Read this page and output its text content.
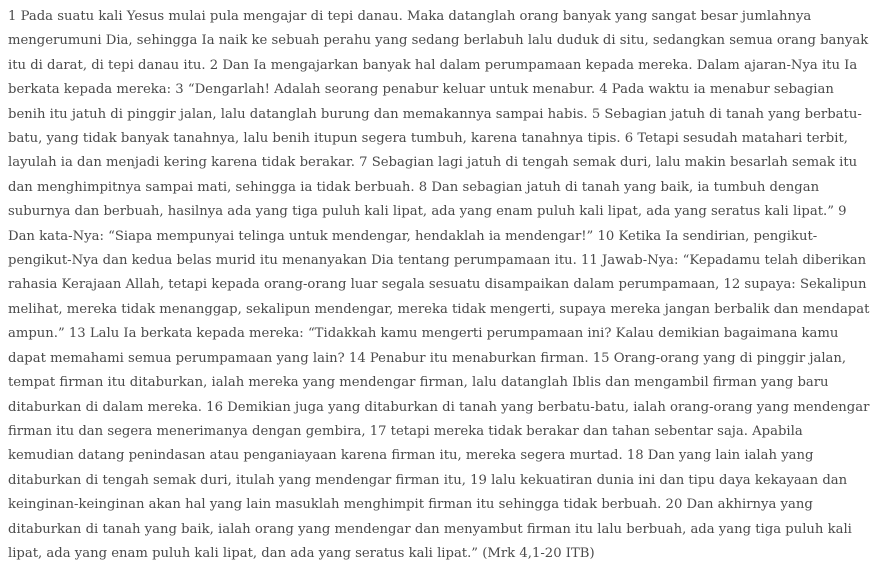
1 Pada suatu kali Yesus mulai pula mengajar di tepi danau. Maka datanglah orang banyak yang sangat besar jumlahnya mengerumuni Dia, sehingga Ia naik ke sebuah perahu yang sedang berlabuh lalu duduk di situ, sedangkan semua orang banyak itu di darat, di tepi danau itu. 2 Dan Ia mengajarkan banyak hal dalam perumpamaan kepada mereka. Dalam ajaran-Nya itu Ia berkata kepada mereka: 3 “Dengarlah! Adalah seorang penabur keluar untuk menabur. 4 Pada waktu ia menabur sebagian benih itu jatuh di pinggir jalan, lalu datanglah burung dan memakannya sampai habis. 5 Sebagian jatuh di tanah yang berbatu-batu, yang tidak banyak tanahnya, lalu benih itupun segera tumbuh, karena tanahnya tipis. 6 Tetapi sesudah matahari terbit, layulah ia dan menjadi kering karena tidak berakar. 7 Sebagian lagi jatuh di tengah semak duri, lalu makin besarlah semak itu dan menghimpitnya sampai mati, sehingga ia tidak berbuah. 8 Dan sebagian jatuh di tanah yang baik, ia tumbuh dengan suburnya dan berbuah, hasilnya ada yang tiga puluh kali lipat, ada yang enam puluh kali lipat, ada yang seratus kali lipat.” 9 Dan kata-Nya: “Siapa mempunyai telinga untuk mendengar, hendaklah ia mendengar!” 10 Ketika Ia sendirian, pengikut-pengikut-Nya dan kedua belas murid itu menanyakan Dia tentang perumpamaan itu. 11 Jawab-Nya: “Kepadamu telah diberikan rahasia Kerajaan Allah, tetapi kepada orang-orang luar segala sesuatu disampaikan dalam perumpamaan, 12 supaya: Sekalipun melihat, mereka tidak menanggap, sekalipun mendengar, mereka tidak mengerti, supaya mereka jangan berbalik dan mendapat ampun.” 13 Lalu Ia berkata kepada mereka: “Tidakkah kamu mengerti perumpamaan ini? Kalau demikian bagaimana kamu dapat memahami semua perumpamaan yang lain? 14 Penabur itu menaburkan firman. 15 Orang-orang yang di pinggir jalan, tempat firman itu ditaburkan, ialah mereka yang mendengar firman, lalu datanglah Iblis dan mengambil firman yang baru ditaburkan di dalam mereka. 16 Demikian juga yang ditaburkan di tanah yang berbatu-batu, ialah orang-orang yang mendengar firman itu dan segera menerimanya dengan gembira, 17 tetapi mereka tidak berakar dan tahan sebentar saja. Apabila kemudian datang penindasan atau penganiayaan karena firman itu, mereka segera murtad. 18 Dan yang lain ialah yang ditaburkan di tengah semak duri, itulah yang mendengar firman itu, 19 lalu kekuatiran dunia ini dan tipu daya kekayaan dan keinginan-keinginan akan hal yang lain masuklah menghimpit firman itu sehingga tidak berbuah. 20 Dan akhirnya yang ditaburkan di tanah yang baik, ialah orang yang mendengar dan menyambut firman itu lalu berbuah, ada yang tiga puluh kali lipat, ada yang enam puluh kali lipat, dan ada yang seratus kali lipat.” (Mrk 4,1-20 ITB)
